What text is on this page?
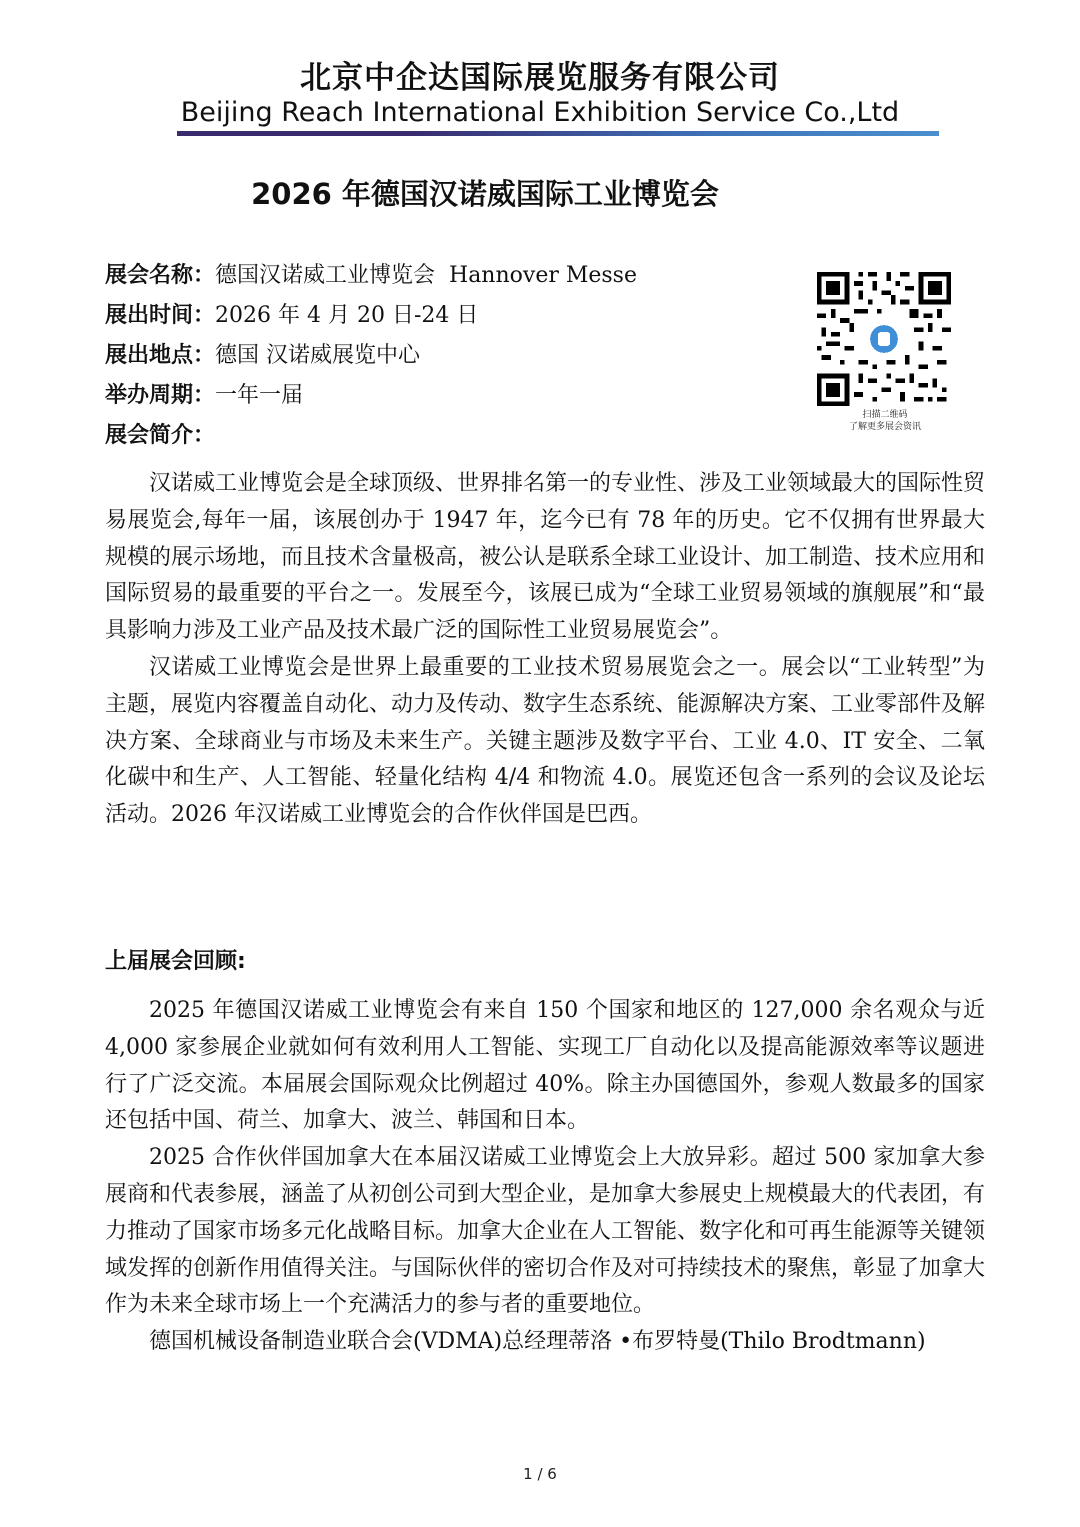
北京中企达国际展览服务有限公司
Beijing Reach International Exhibition Service Co.,Ltd
2026 年德国汉诺威国际工业博览会
展会名称：德国汉诺威工业博览会  Hannover Messe
展出时间：2026 年 4 月 20 日-24 日
展出地点：德国 汉诺威展览中心
举办周期：一年一届
展会简介：
扫描二维码
了解更多展会资讯

汉诺威工业博览会是全球顶级、世界排名第一的专业性、涉及工业领域最大的国际性贸易展览会,每年一届，该展创办于 1947 年，迄今已有 78 年的历史。它不仅拥有世界最大规模的展示场地，而且技术含量极高，被公认是联系全球工业设计、加工制造、技术应用和国际贸易的最重要的平台之一。发展至今，该展已成为“全球工业贸易领域的旗舰展”和“最具影响力涉及工业产品及技术最广泛的国际性工业贸易展览会”。

汉诺威工业博览会是世界上最重要的工业技术贸易展览会之一。展会以“工业转型”为主题，展览内容覆盖自动化、动力及传动、数字生态系统、能源解决方案、工业零部件及解决方案、全球商业与市场及未来生产。关键主题涉及数字平台、工业 4.0、IT 安全、二氧化碳中和生产、人工智能、轻量化结构 4/4 和物流 4.0。展览还包含一系列的会议及论坛活动。2026 年汉诺威工业博览会的合作伙伴国是巴西。

上届展会回顾:

2025 年德国汉诺威工业博览会有来自 150 个国家和地区的 127,000 余名观众与近 4,000 家参展企业就如何有效利用人工智能、实现工厂自动化以及提高能源效率等议题进行了广泛交流。本届展会国际观众比例超过 40%。除主办国德国外，参观人数最多的国家还包括中国、荷兰、加拿大、波兰、韩国和日本。

2025 合作伙伴国加拿大在本届汉诺威工业博览会上大放异彩。超过 500 家加拿大参展商和代表参展，涵盖了从初创公司到大型企业，是加拿大参展史上规模最大的代表团，有力推动了国家市场多元化战略目标。加拿大企业在人工智能、数字化和可再生能源等关键领域发挥的创新作用值得关注。与国际伙伴的密切合作及对可持续技术的聚焦，彰显了加拿大作为未来全球市场上一个充满活力的参与者的重要地位。

德国机械设备制造业联合会(VDMA)总经理蒂洛 •布罗特曼(Thilo Brodtmann)

1 / 6
